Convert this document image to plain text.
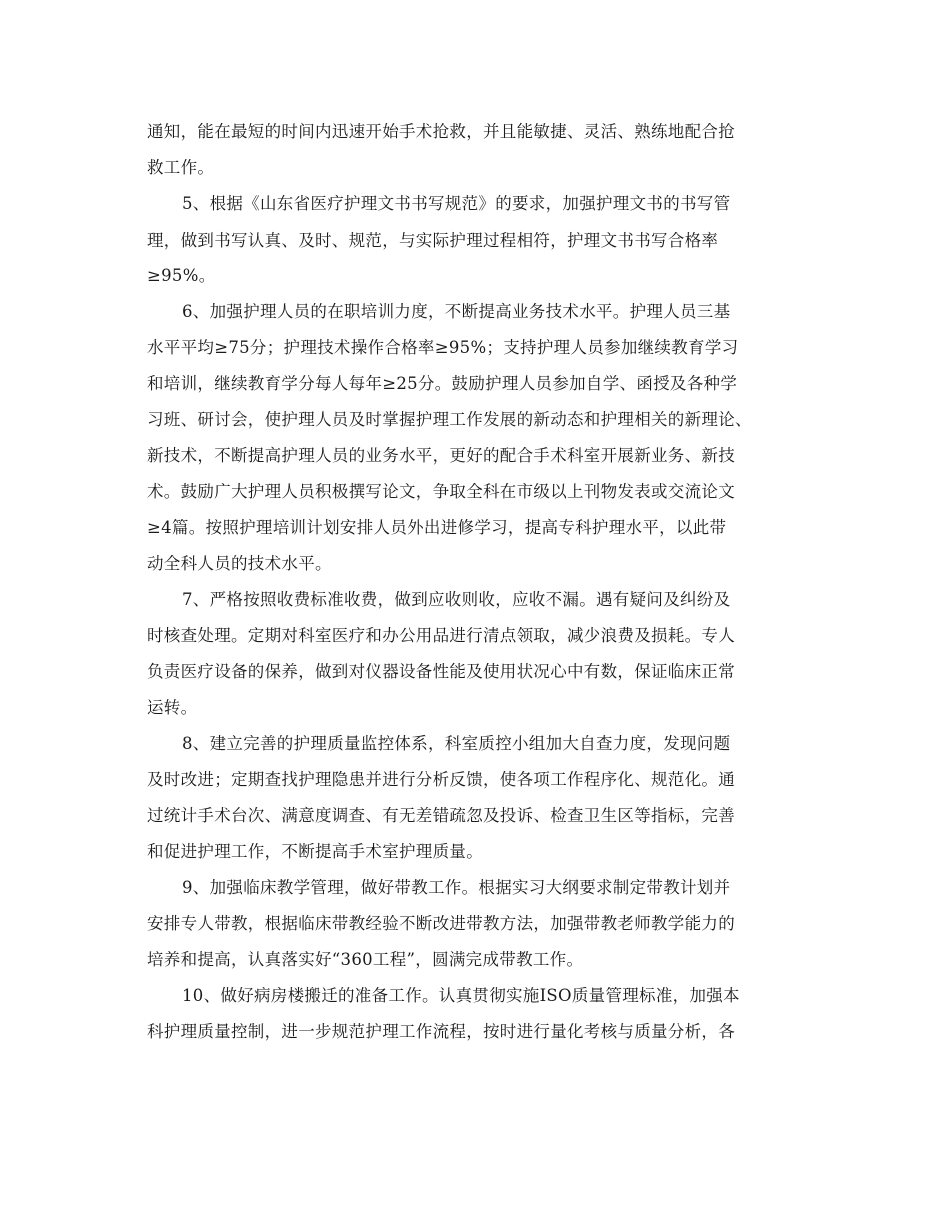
通知，能在最短的时间内迅速开始手术抢救，并且能敏捷、灵活、熟练地配合抢
救工作。
5、根据《山东省医疗护理文书书写规范》的要求，加强护理文书的书写管
理，做到书写认真、及时、规范，与实际护理过程相符，护理文书书写合格率
≥95%。
6、加强护理人员的在职培训力度，不断提高业务技术水平。护理人员三基
水平平均≥75分；护理技术操作合格率≥95%；支持护理人员参加继续教育学习
和培训，继续教育学分每人每年≥25分。鼓励护理人员参加自学、函授及各种学
习班、研讨会，使护理人员及时掌握护理工作发展的新动态和护理相关的新理论、
新技术，不断提高护理人员的业务水平，更好的配合手术科室开展新业务、新技
术。鼓励广大护理人员积极撰写论文，争取全科在市级以上刊物发表或交流论文
≥4篇。按照护理培训计划安排人员外出进修学习，提高专科护理水平，以此带
动全科人员的技术水平。
7、严格按照收费标准收费，做到应收则收，应收不漏。遇有疑问及纠纷及
时核查处理。定期对科室医疗和办公用品进行清点领取，减少浪费及损耗。专人
负责医疗设备的保养，做到对仪器设备性能及使用状况心中有数，保证临床正常
运转。
8、建立完善的护理质量监控体系，科室质控小组加大自查力度，发现问题
及时改进；定期查找护理隐患并进行分析反馈，使各项工作程序化、规范化。通
过统计手术台次、满意度调查、有无差错疏忽及投诉、检查卫生区等指标，完善
和促进护理工作，不断提高手术室护理质量。
9、加强临床教学管理，做好带教工作。根据实习大纲要求制定带教计划并
安排专人带教，根据临床带教经验不断改进带教方法，加强带教老师教学能力的
培养和提高，认真落实好“360工程”，圆满完成带教工作。
10、做好病房楼搬迁的准备工作。认真贯彻实施ISO质量管理标准，加强本
科护理质量控制，进一步规范护理工作流程，按时进行量化考核与质量分析，各
